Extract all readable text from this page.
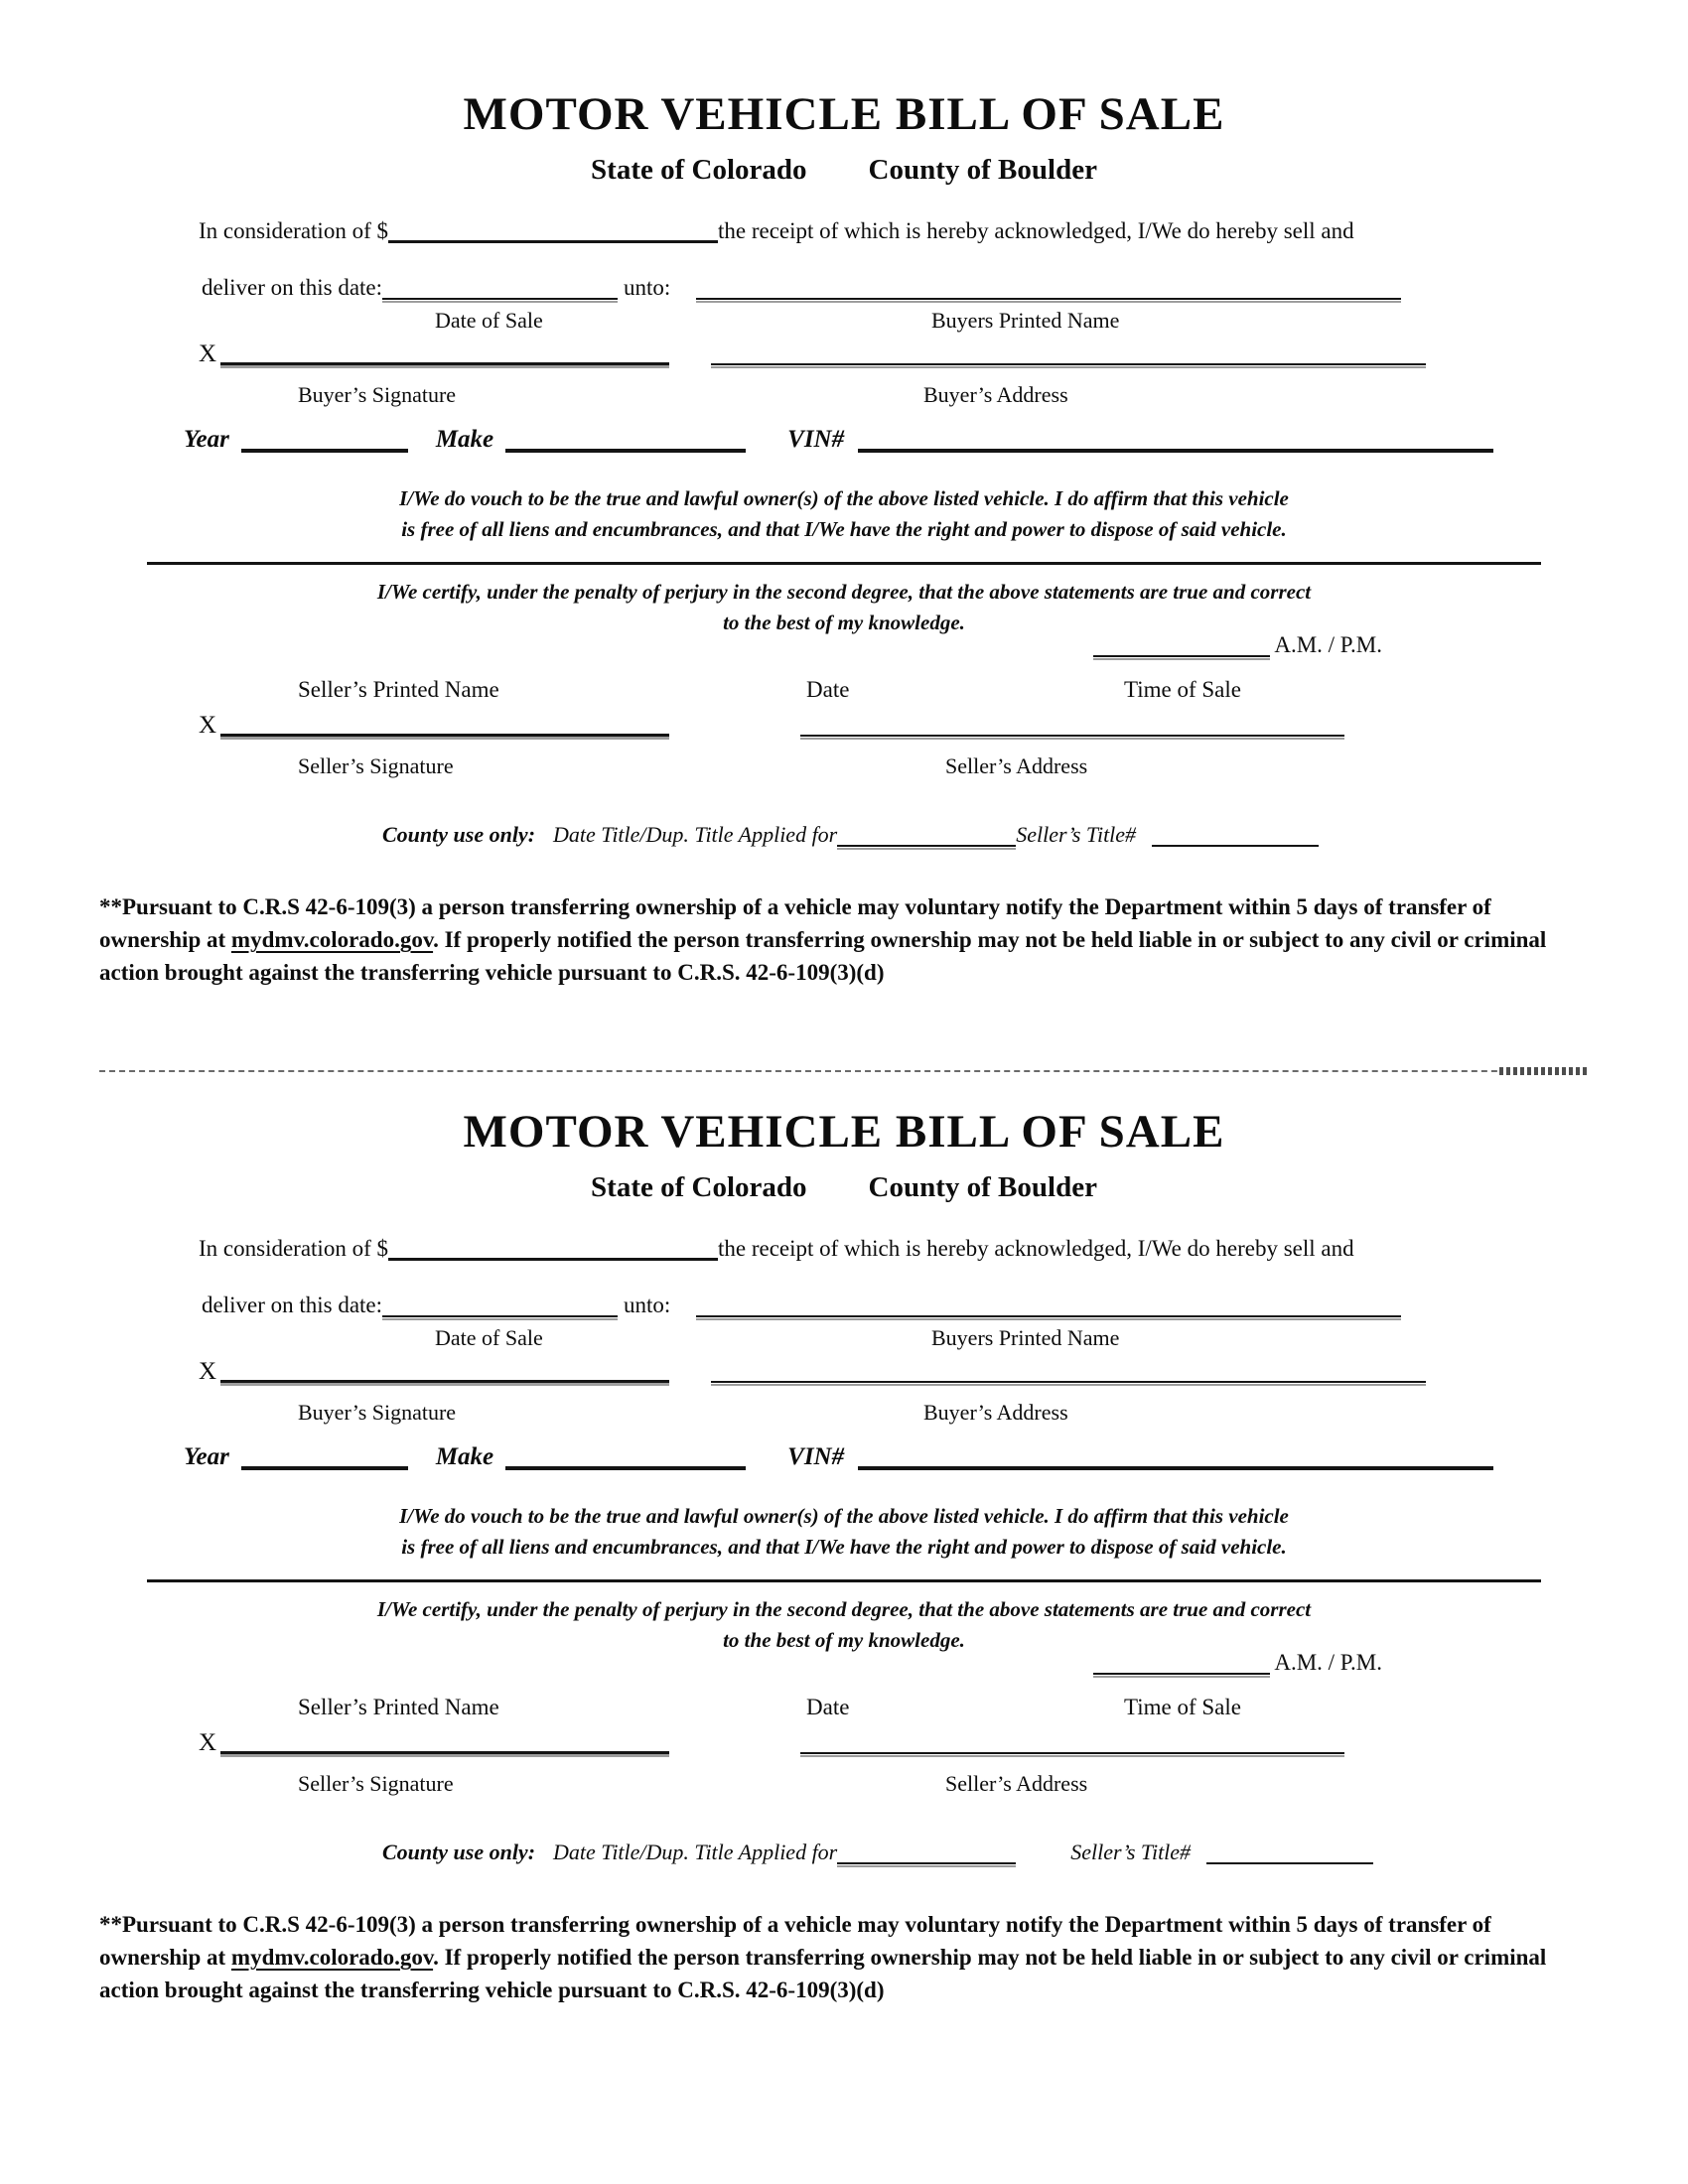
MOTOR VEHICLE BILL OF SALE
State of Colorado County of Boulder
In consideration of $	the receipt of which is hereby acknowledged, I/We do hereby sell and
deliver on this date:	unto:
Date of Sale	Buyers Printed Name
X
Buyer’s Signature	Buyer’s Address
Year	Make	VIN#
I/We do vouch to be the true and lawful owner(s) of the above listed vehicle. I do affirm that this vehicle
is free of all liens and encumbrances, and that I/We have the right and power to dispose of said vehicle.
I/We certify, under the penalty of perjury in the second degree, that the above statements are true and correct
to the best of my knowledge.
A.M. / P.M.
Seller’s Printed Name	Date	Time of Sale
X
Seller’s Signature	Seller’s Address
County use only: Date Title/Dup. Title Applied for	Seller’s Title#
**Pursuant to C.R.S 42-6-109(3) a person transferring ownership of a vehicle may voluntary notify the Department within 5 days of transfer of ownership at mydmv.colorado.gov. If properly notified the person transferring ownership may not be held liable in or subject to any civil or criminal action brought against the transferring vehicle pursuant to C.R.S. 42-6-109(3)(d)
MOTOR VEHICLE BILL OF SALE
State of Colorado County of Boulder
In consideration of $	the receipt of which is hereby acknowledged, I/We do hereby sell and
deliver on this date:	unto:
Date of Sale	Buyers Printed Name
X
Buyer’s Signature	Buyer’s Address
Year	Make	VIN#
I/We do vouch to be the true and lawful owner(s) of the above listed vehicle. I do affirm that this vehicle
is free of all liens and encumbrances, and that I/We have the right and power to dispose of said vehicle.
I/We certify, under the penalty of perjury in the second degree, that the above statements are true and correct
to the best of my knowledge.
A.M. / P.M.
Seller’s Printed Name	Date	Time of Sale
X
Seller’s Signature	Seller’s Address
County use only: Date Title/Dup. Title Applied for	Seller’s Title#
**Pursuant to C.R.S 42-6-109(3) a person transferring ownership of a vehicle may voluntary notify the Department within 5 days of transfer of ownership at mydmv.colorado.gov. If properly notified the person transferring ownership may not be held liable in or subject to any civil or criminal action brought against the transferring vehicle pursuant to C.R.S. 42-6-109(3)(d)
